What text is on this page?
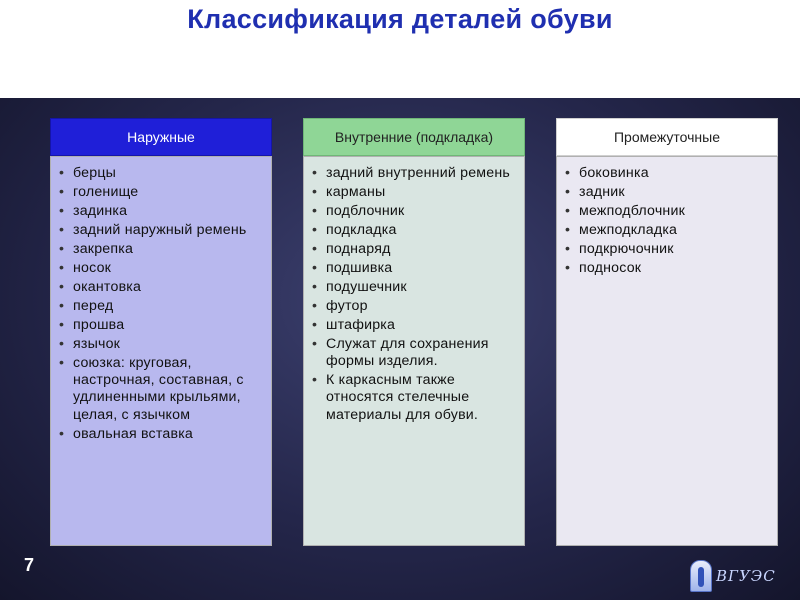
Классификация деталей обуви
Наружные
• берцы
• голенище
• задинка
• задний наружный ремень
• закрепка
• носок
• окантовка
• перед
• прошва
• язычок
• союзка: круговая, настрочная, составная, с удлиненными крыльями, целая, с язычком
• овальная вставка
Внутренние (подкладка)
• задний внутренний ремень
• карманы
• подблочник
• подкладка
• поднаряд
• подшивка
• подушечник
• футор
• штафирка
• Служат для сохранения формы изделия.
• К каркасным также относятся стелечные материалы для обуви.
Промежуточные
• боковинка
• задник
• межподблочник
• межподкладка
• подкрючочник
• подносок
7
ВГУЭС
